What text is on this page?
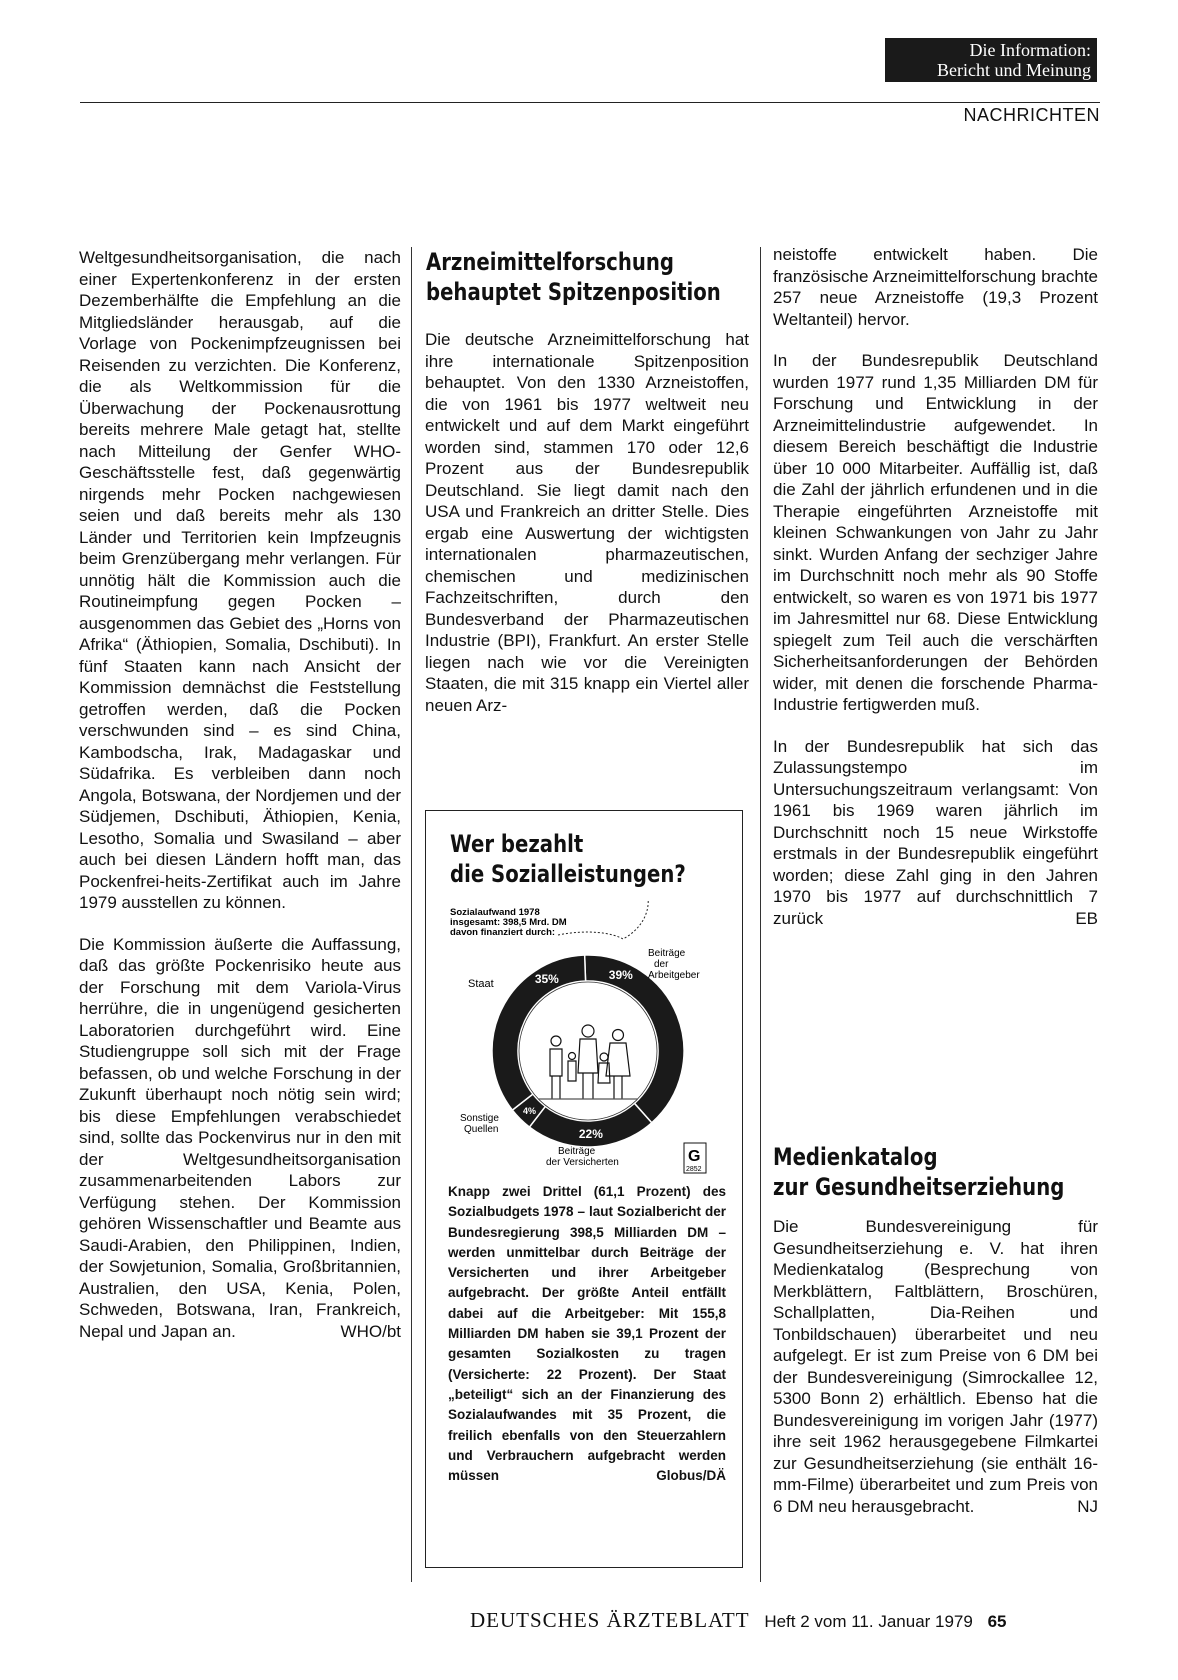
Die Information:
Bericht und Meinung
NACHRICHTEN

Weltgesundheitsorganisation, die nach einer Expertenkonferenz in der ersten Dezemberhälfte die Empfehlung an die Mitgliedsländer herausgab, auf die Vorlage von Pockenimpfzeugnissen bei Reisenden zu verzichten. Die Konferenz, die als Weltkommission für die Überwachung der Pockenausrottung bereits mehrere Male getagt hat, stellte nach Mitteilung der Genfer WHO-Geschäftsstelle fest, daß gegenwärtig nirgends mehr Pocken nachgewiesen seien und daß bereits mehr als 130 Länder und Territorien kein Impfzeugnis beim Grenzübergang mehr verlangen. Für unnötig hält die Kommission auch die Routineimpfung gegen Pocken – ausgenommen das Gebiet des „Horns von Afrika“ (Äthiopien, Somalia, Dschibuti). In fünf Staaten kann nach Ansicht der Kommission demnächst die Feststellung getroffen werden, daß die Pocken verschwunden sind – es sind China, Kambodscha, Irak, Madagaskar und Südafrika. Es verbleiben dann noch Angola, Botswana, der Nordjemen und der Südjemen, Dschibuti, Äthiopien, Kenia, Lesotho, Somalia und Swasiland – aber auch bei diesen Ländern hofft man, das Pockenfrei-heits-Zertifikat auch im Jahre 1979 ausstellen zu können.

Die Kommission äußerte die Auffassung, daß das größte Pockenrisiko heute aus der Forschung mit dem Variola-Virus herrühre, die in ungenügend gesicherten Laboratorien durchgeführt wird. Eine Studiengruppe soll sich mit der Frage befassen, ob und welche Forschung in der Zukunft überhaupt noch nötig sein wird; bis diese Empfehlungen verabschiedet sind, sollte das Pockenvirus nur in den mit der Weltgesundheitsorganisation zusammenarbeitenden Labors zur Verfügung stehen. Der Kommission gehören Wissenschaftler und Beamte aus Saudi-Arabien, den Philippinen, Indien, der Sowjetunion, Somalia, Großbritannien, Australien, den USA, Kenia, Polen, Schweden, Botswana, Iran, Frankreich, Nepal und Japan an.	WHO/bt

Arzneimittelforschung
behauptet Spitzenposition

Die deutsche Arzneimittelforschung hat ihre internationale Spitzenposition behauptet. Von den 1330 Arzneistoffen, die von 1961 bis 1977 weltweit neu entwickelt und auf dem Markt eingeführt worden sind, stammen 170 oder 12,6 Prozent aus der Bundesrepublik Deutschland. Sie liegt damit nach den USA und Frankreich an dritter Stelle. Dies ergab eine Auswertung der wichtigsten internationalen pharmazeutischen, chemischen und medizinischen Fachzeitschriften, durch den Bundesverband der Pharmazeutischen Industrie (BPI), Frankfurt. An erster Stelle liegen nach wie vor die Vereinigten Staaten, die mit 315 knapp ein Viertel aller neuen Arz-

Wer bezahlt
die Sozialleistungen?
Sozialaufwand 1978
insgesamt: 398,5 Mrd. DM
davon finanziert durch:
39%
22%
4%
35%
Staat
Beiträge
der
Arbeitgeber
Sonstige
Quellen
Beiträge
der Versicherten	G
2852
Knapp zwei Drittel (61,1 Prozent) des Sozialbudgets 1978 – laut Sozialbericht der Bundesregierung 398,5 Milliarden DM – werden unmittelbar durch Beiträge der Versicherten und ihrer Arbeitgeber aufgebracht. Der größte Anteil entfällt dabei auf die Arbeitgeber: Mit 155,8 Milliarden DM haben sie 39,1 Prozent der gesamten Sozialkosten zu tragen (Versicherte: 22 Prozent). Der Staat „beteiligt“ sich an der Finanzierung des Sozialaufwandes mit 35 Prozent, die freilich ebenfalls von den Steuerzahlern und Verbrauchern aufgebracht werden müssen	Globus/DÄ

neistoffe entwickelt haben. Die französische Arzneimittelforschung brachte 257 neue Arzneistoffe (19,3 Prozent Weltanteil) hervor.

In der Bundesrepublik Deutschland wurden 1977 rund 1,35 Milliarden DM für Forschung und Entwicklung in der Arzneimittelindustrie aufgewendet. In diesem Bereich beschäftigt die Industrie über 10 000 Mitarbeiter. Auffällig ist, daß die Zahl der jährlich erfundenen und in die Therapie eingeführten Arzneistoffe mit kleinen Schwankungen von Jahr zu Jahr sinkt. Wurden Anfang der sechziger Jahre im Durchschnitt noch mehr als 90 Stoffe entwickelt, so waren es von 1971 bis 1977 im Jahresmittel nur 68. Diese Entwicklung spiegelt zum Teil auch die verschärften Sicherheitsanforderungen der Behörden wider, mit denen die forschende Pharma-Industrie fertigwerden muß.

In der Bundesrepublik hat sich das Zulassungstempo im Untersuchungszeitraum verlangsamt: Von 1961 bis 1969 waren jährlich im Durchschnitt noch 15 neue Wirkstoffe erstmals in der Bundesrepublik eingeführt worden; diese Zahl ging in den Jahren 1970 bis 1977 auf durchschnittlich 7 zurück	EB

Medienkatalog
zur Gesundheitserziehung

Die Bundesvereinigung für Gesundheitserziehung e. V. hat ihren Medienkatalog (Besprechung von Merkblättern, Faltblättern, Broschüren, Schallplatten, Dia-Reihen und Tonbildschauen) überarbeitet und neu aufgelegt. Er ist zum Preise von 6 DM bei der Bundesvereinigung (Simrockallee 12, 5300 Bonn 2) erhältlich. Ebenso hat die Bundesvereinigung im vorigen Jahr (1977) ihre seit 1962 herausgegebene Filmkartei zur Gesundheitserziehung (sie enthält 16-mm-Filme) überarbeitet und zum Preis von 6 DM neu herausgebracht.	NJ

DEUTSCHES ÄRZTEBLATT Heft 2 vom 11. Januar 1979 65
